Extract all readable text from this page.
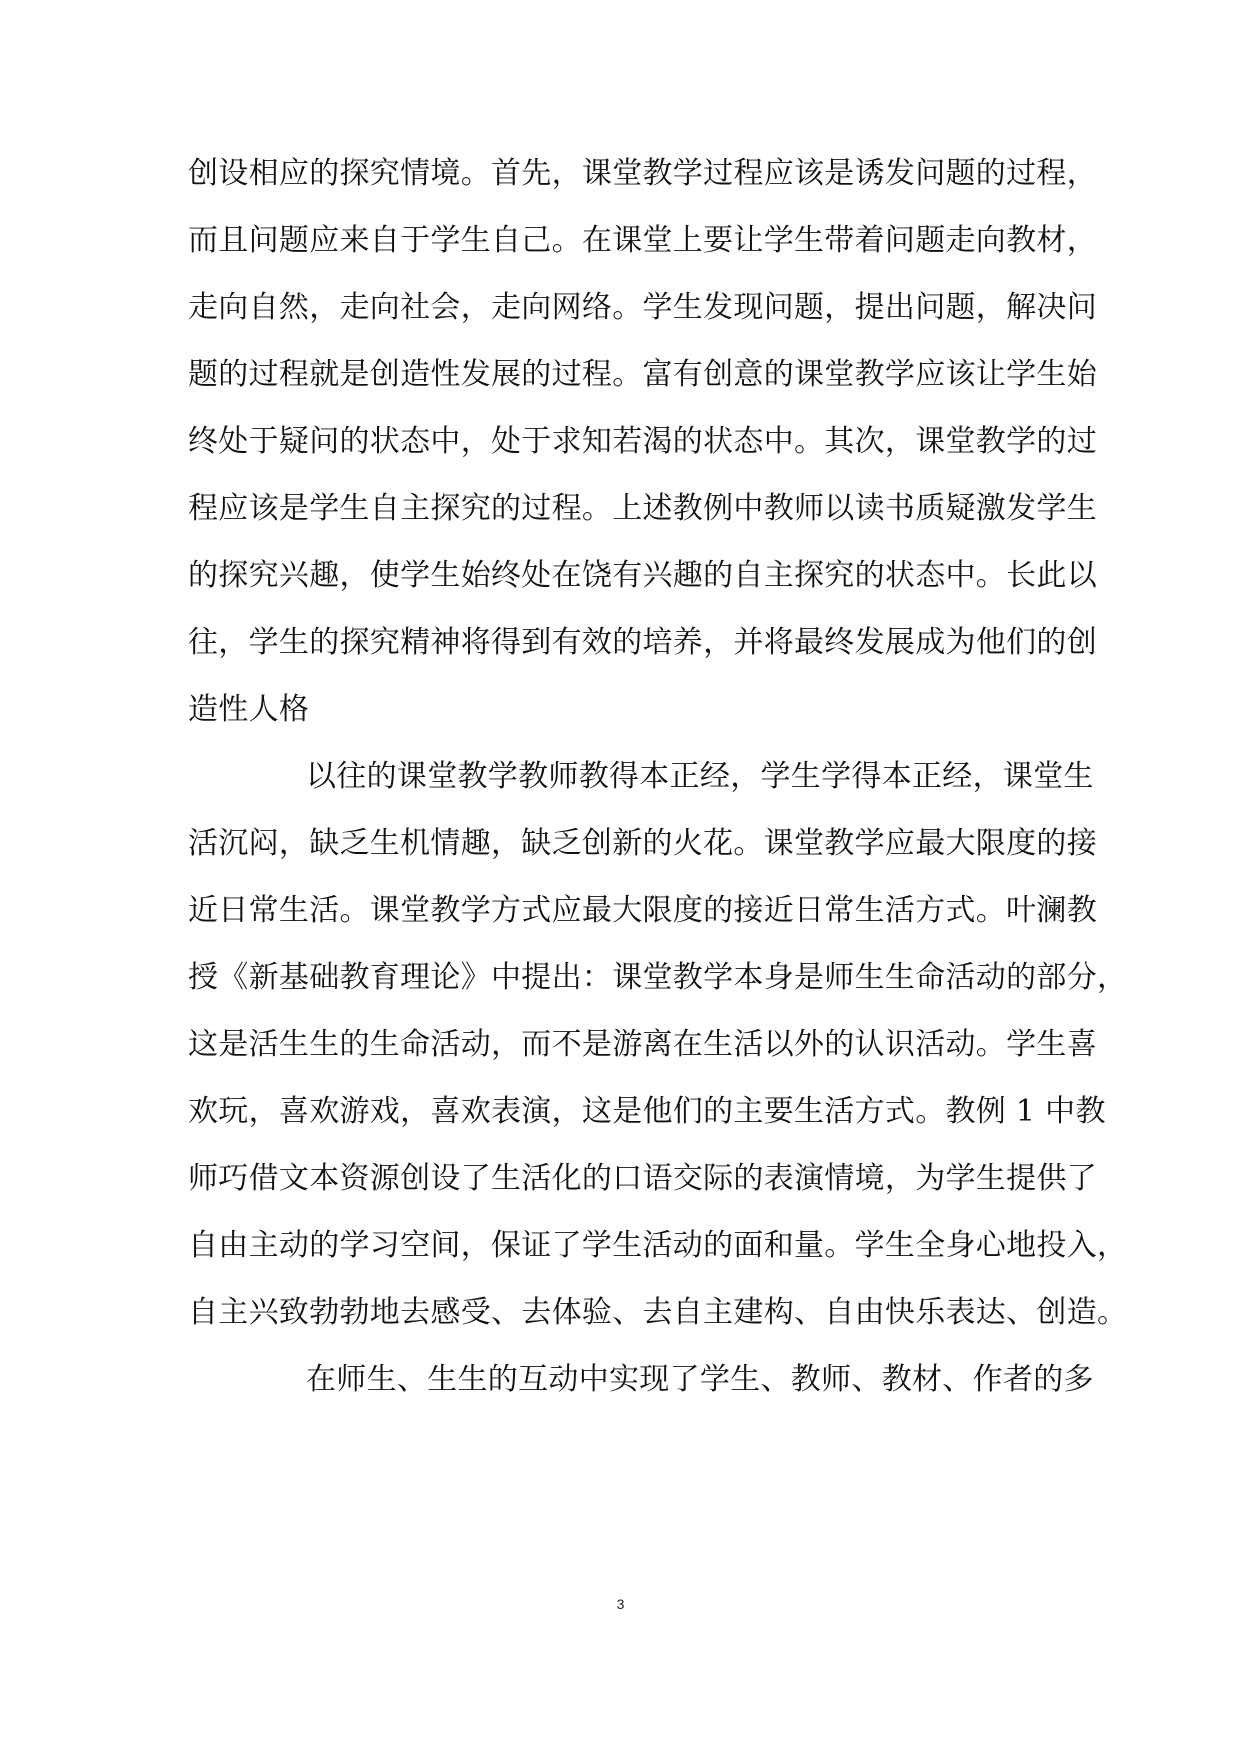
创设相应的探究情境。首先，课堂教学过程应该是诱发问题的过程，
而且问题应来自于学生自己。在课堂上要让学生带着问题走向教材，
走向自然，走向社会，走向网络。学生发现问题，提出问题，解决问
题的过程就是创造性发展的过程。富有创意的课堂教学应该让学生始
终处于疑问的状态中，处于求知若渴的状态中。其次，课堂教学的过
程应该是学生自主探究的过程。上述教例中教师以读书质疑激发学生
的探究兴趣，使学生始终处在饶有兴趣的自主探究的状态中。长此以
往，学生的探究精神将得到有效的培养，并将最终发展成为他们的创
造性人格
以往的课堂教学教师教得本正经，学生学得本正经，课堂生
活沉闷，缺乏生机情趣，缺乏创新的火花。课堂教学应最大限度的接
近日常生活。课堂教学方式应最大限度的接近日常生活方式。叶澜教
授《新基础教育理论》中提出：课堂教学本身是师生生命活动的部分，
这是活生生的生命活动，而不是游离在生活以外的认识活动。学生喜
欢玩，喜欢游戏，喜欢表演，这是他们的主要生活方式。教例 1 中教
师巧借文本资源创设了生活化的口语交际的表演情境，为学生提供了
自由主动的学习空间，保证了学生活动的面和量。学生全身心地投入，
自主兴致勃勃地去感受、去体验、去自主建构、自由快乐表达、创造。
在师生、生生的互动中实现了学生、教师、教材、作者的多
3
